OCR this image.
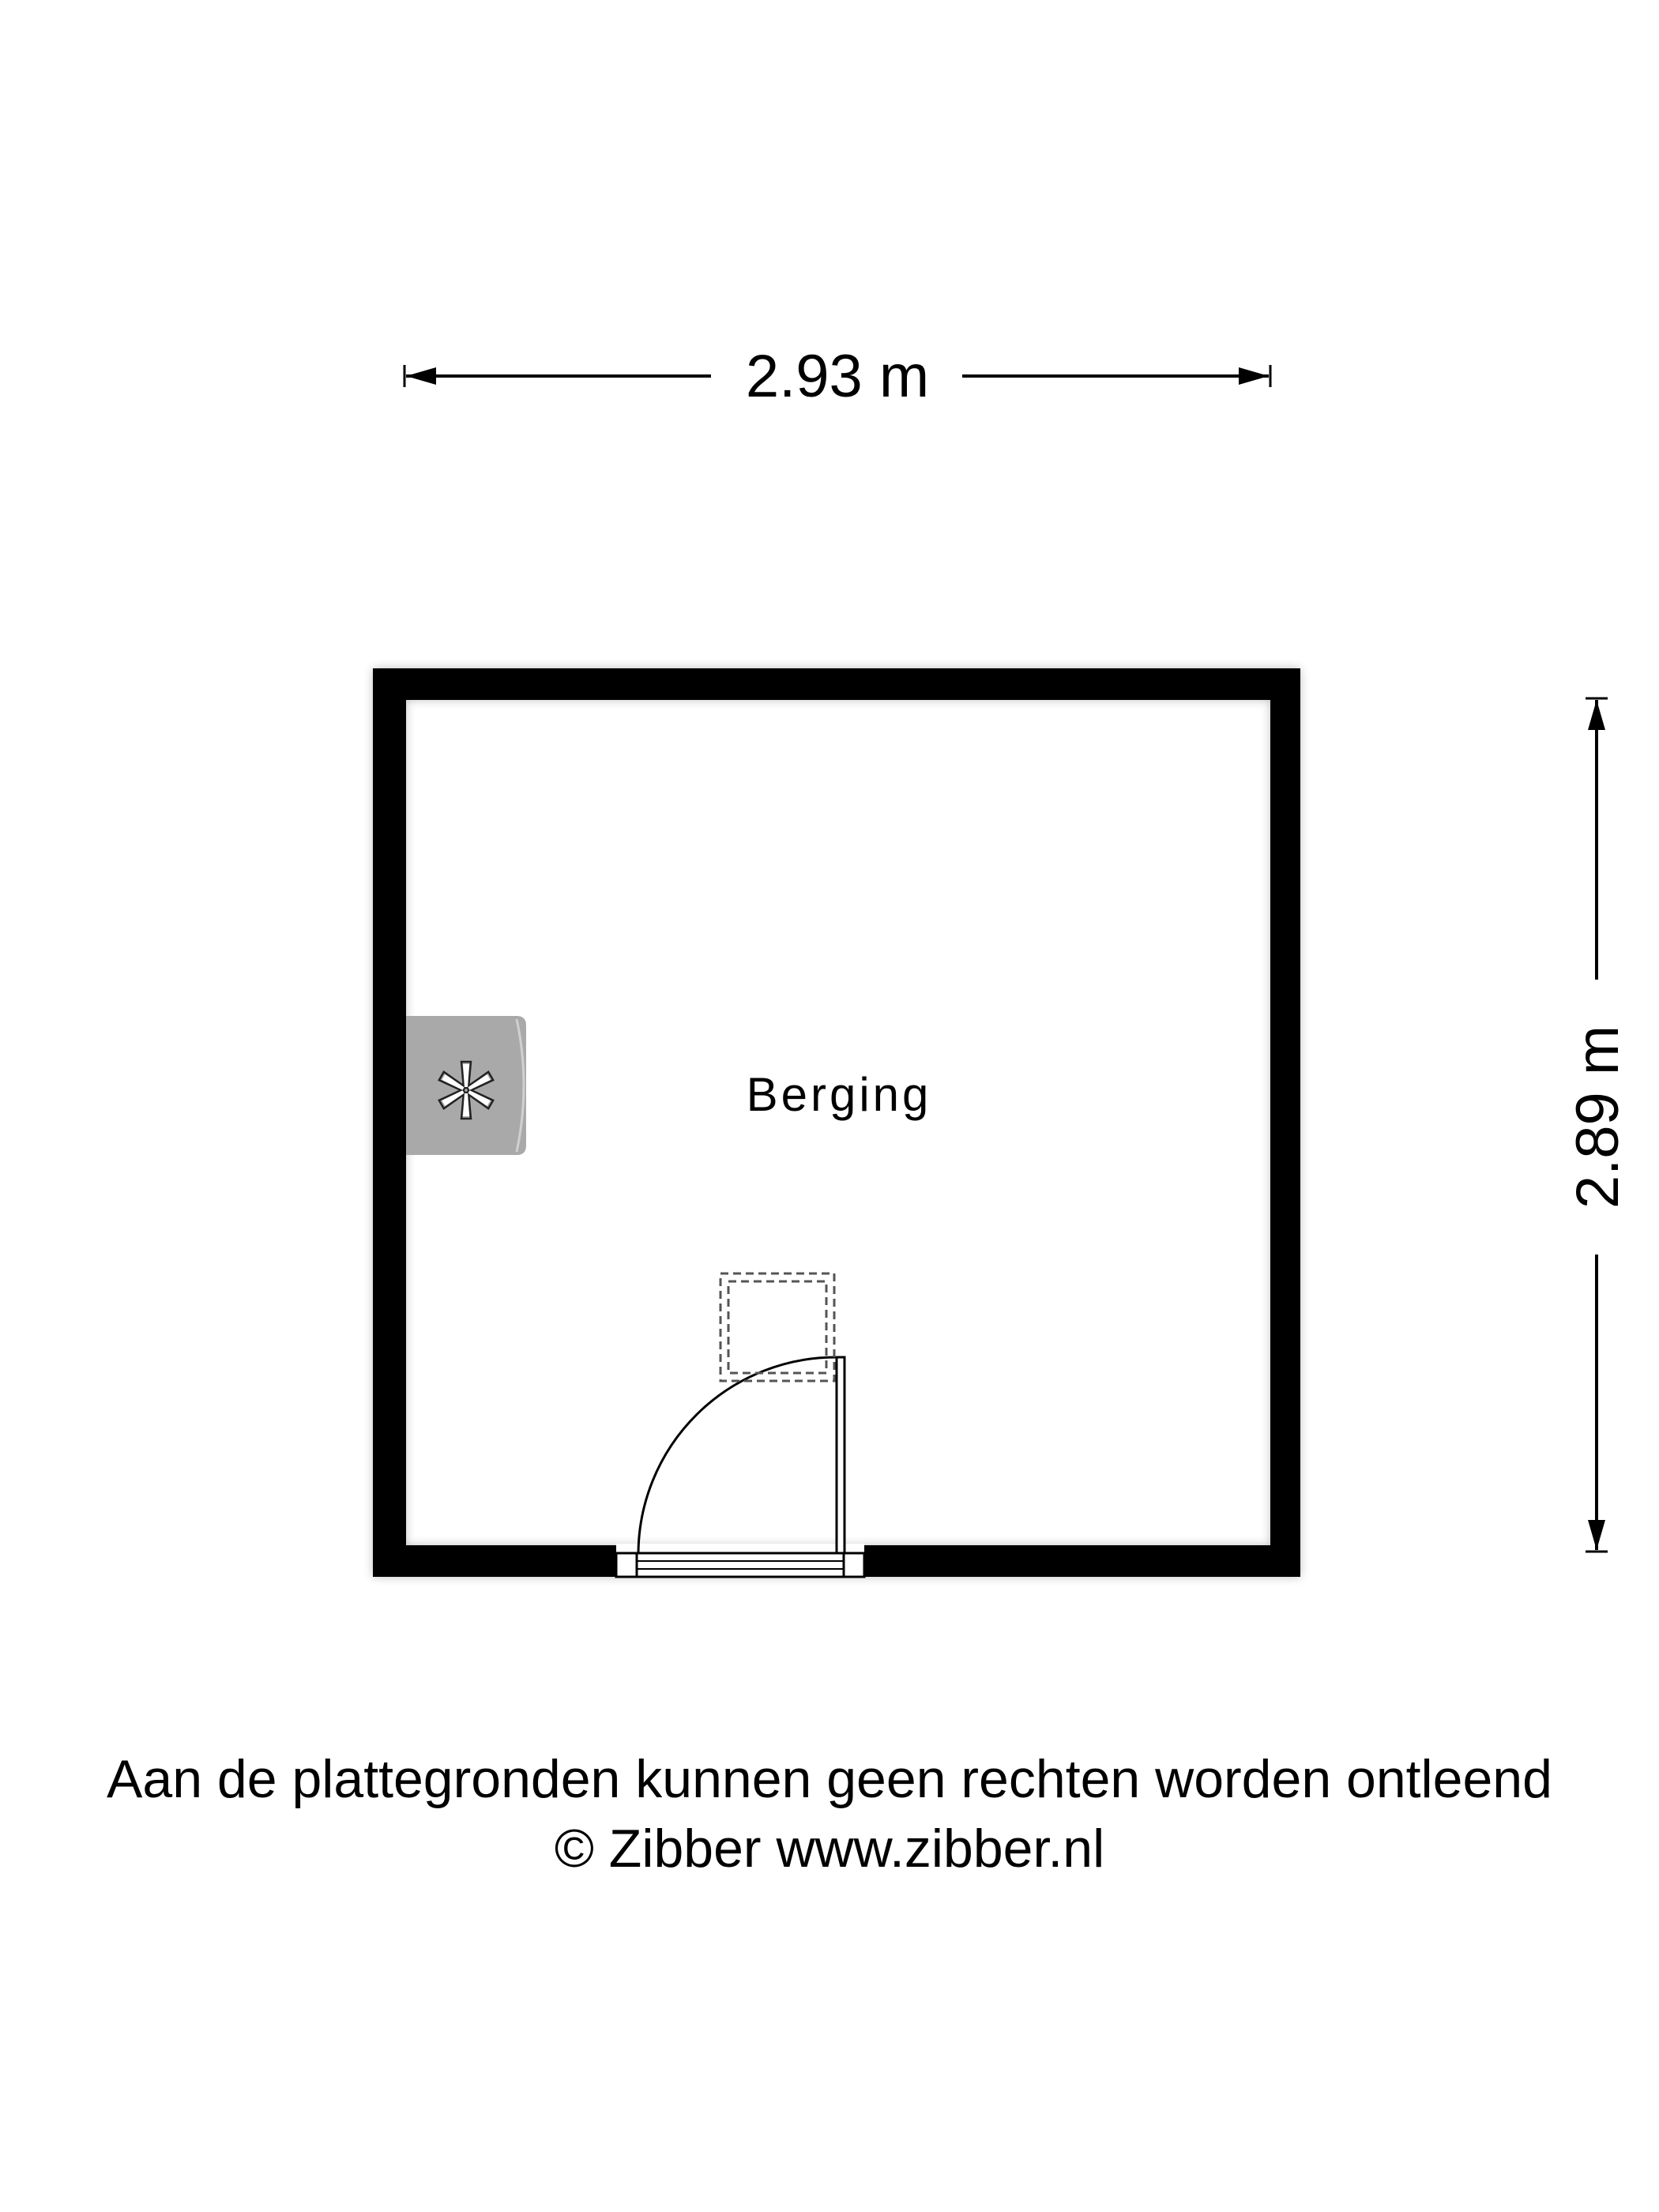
2.93 m
2.89 m
Berging
Aan de plattegronden kunnen geen rechten worden ontleend
© Zibber www.zibber.nl
